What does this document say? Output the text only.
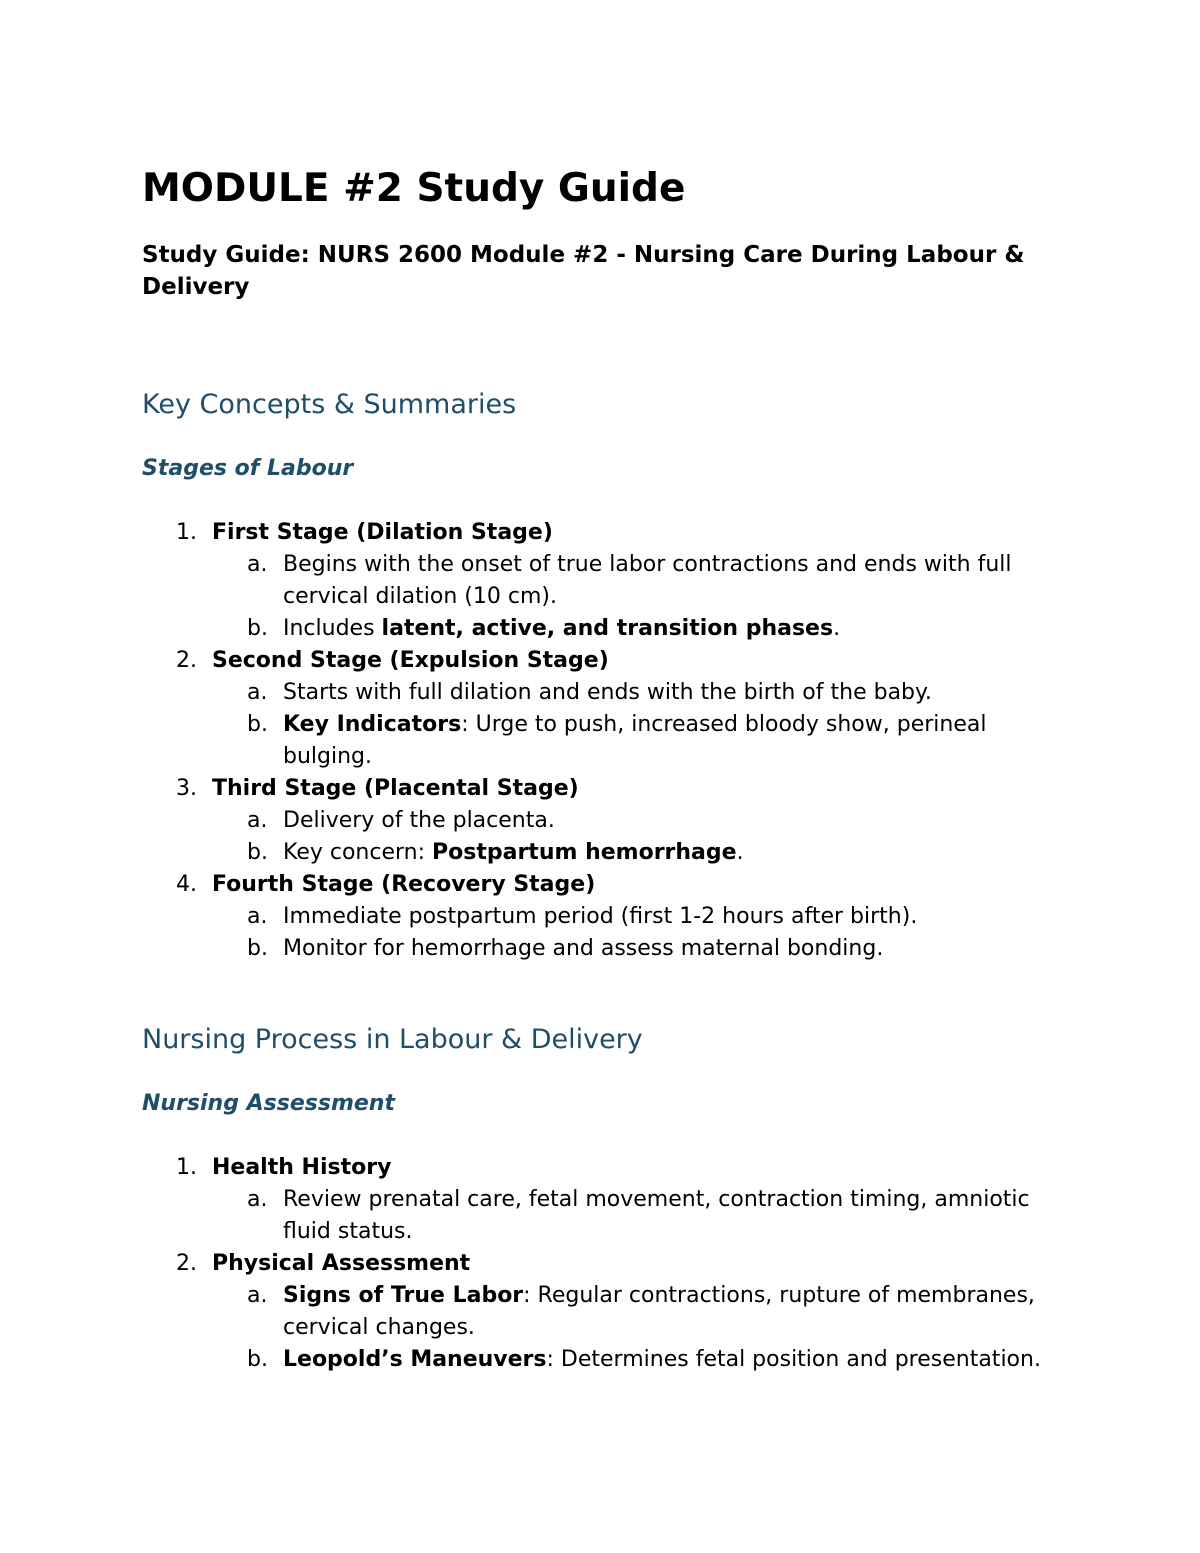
MODULE #2 Study Guide

Study Guide: NURS 2600 Module #2 - Nursing Care During Labour & Delivery

Key Concepts & Summaries
Stages of Labour
1. First Stage (Dilation Stage)
a. Begins with the onset of true labor contractions and ends with full cervical dilation (10 cm).
b. Includes latent, active, and transition phases.
2. Second Stage (Expulsion Stage)
a. Starts with full dilation and ends with the birth of the baby.
b. Key Indicators: Urge to push, increased bloody show, perineal bulging.
3. Third Stage (Placental Stage)
a. Delivery of the placenta.
b. Key concern: Postpartum hemorrhage.
4. Fourth Stage (Recovery Stage)
a. Immediate postpartum period (first 1-2 hours after birth).
b. Monitor for hemorrhage and assess maternal bonding.
Nursing Process in Labour & Delivery
Nursing Assessment
1. Health History
a. Review prenatal care, fetal movement, contraction timing, amniotic fluid status.
2. Physical Assessment
a. Signs of True Labor: Regular contractions, rupture of membranes, cervical changes.
b. Leopold’s Maneuvers: Determines fetal position and presentation.
